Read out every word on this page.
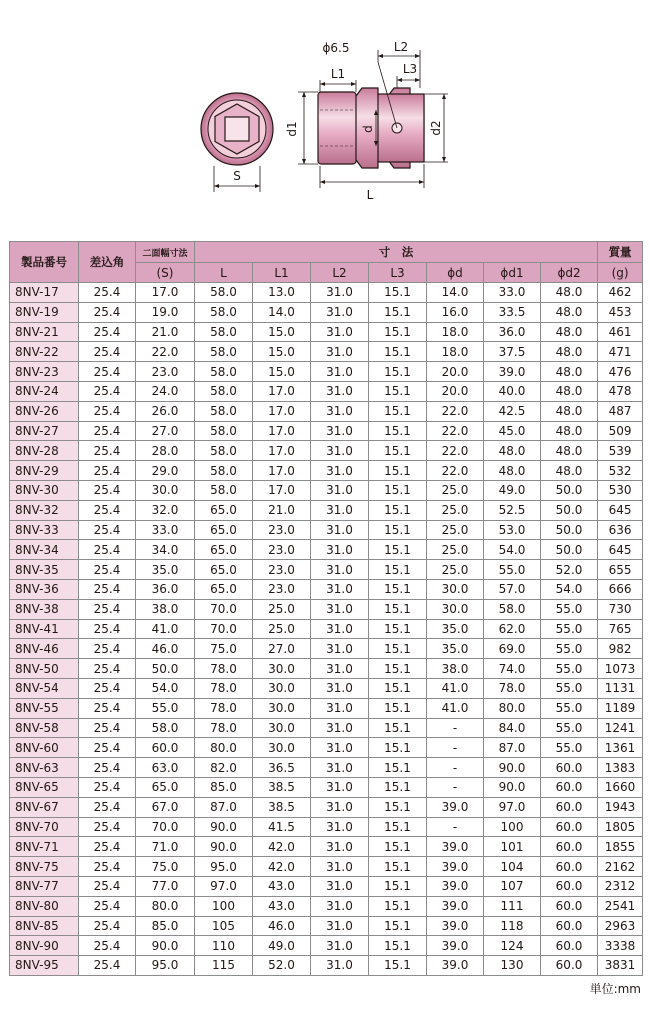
S
d
d1	d2
L
L1
L2
L3
ϕ6.5
製品番号	差込角	二面幅寸法	寸　法							質量
		(S)	L	L1	L2	L3	ϕd	ϕd1	ϕd2	(g)
8NV-17	25.4	17.0	58.0	13.0	31.0	15.1	14.0	33.0	48.0	462
8NV-19	25.4	19.0	58.0	14.0	31.0	15.1	16.0	33.5	48.0	453
8NV-21	25.4	21.0	58.0	15.0	31.0	15.1	18.0	36.0	48.0	461
8NV-22	25.4	22.0	58.0	15.0	31.0	15.1	18.0	37.5	48.0	471
8NV-23	25.4	23.0	58.0	15.0	31.0	15.1	20.0	39.0	48.0	476
8NV-24	25.4	24.0	58.0	17.0	31.0	15.1	20.0	40.0	48.0	478
8NV-26	25.4	26.0	58.0	17.0	31.0	15.1	22.0	42.5	48.0	487
8NV-27	25.4	27.0	58.0	17.0	31.0	15.1	22.0	45.0	48.0	509
8NV-28	25.4	28.0	58.0	17.0	31.0	15.1	22.0	48.0	48.0	539
8NV-29	25.4	29.0	58.0	17.0	31.0	15.1	22.0	48.0	48.0	532
8NV-30	25.4	30.0	58.0	17.0	31.0	15.1	25.0	49.0	50.0	530
8NV-32	25.4	32.0	65.0	21.0	31.0	15.1	25.0	52.5	50.0	645
8NV-33	25.4	33.0	65.0	23.0	31.0	15.1	25.0	53.0	50.0	636
8NV-34	25.4	34.0	65.0	23.0	31.0	15.1	25.0	54.0	50.0	645
8NV-35	25.4	35.0	65.0	23.0	31.0	15.1	25.0	55.0	52.0	655
8NV-36	25.4	36.0	65.0	23.0	31.0	15.1	30.0	57.0	54.0	666
8NV-38	25.4	38.0	70.0	25.0	31.0	15.1	30.0	58.0	55.0	730
8NV-41	25.4	41.0	70.0	25.0	31.0	15.1	35.0	62.0	55.0	765
8NV-46	25.4	46.0	75.0	27.0	31.0	15.1	35.0	69.0	55.0	982
8NV-50	25.4	50.0	78.0	30.0	31.0	15.1	38.0	74.0	55.0	1073
8NV-54	25.4	54.0	78.0	30.0	31.0	15.1	41.0	78.0	55.0	1131
8NV-55	25.4	55.0	78.0	30.0	31.0	15.1	41.0	80.0	55.0	1189
8NV-58	25.4	58.0	78.0	30.0	31.0	15.1	-	84.0	55.0	1241
8NV-60	25.4	60.0	80.0	30.0	31.0	15.1	-	87.0	55.0	1361
8NV-63	25.4	63.0	82.0	36.5	31.0	15.1	-	90.0	60.0	1383
8NV-65	25.4	65.0	85.0	38.5	31.0	15.1	-	90.0	60.0	1660
8NV-67	25.4	67.0	87.0	38.5	31.0	15.1	39.0	97.0	60.0	1943
8NV-70	25.4	70.0	90.0	41.5	31.0	15.1	-	100	60.0	1805
8NV-71	25.4	71.0	90.0	42.0	31.0	15.1	39.0	101	60.0	1855
8NV-75	25.4	75.0	95.0	42.0	31.0	15.1	39.0	104	60.0	2162
8NV-77	25.4	77.0	97.0	43.0	31.0	15.1	39.0	107	60.0	2312
8NV-80	25.4	80.0	100	43.0	31.0	15.1	39.0	111	60.0	2541
8NV-85	25.4	85.0	105	46.0	31.0	15.1	39.0	118	60.0	2963
8NV-90	25.4	90.0	110	49.0	31.0	15.1	39.0	124	60.0	3338
8NV-95	25.4	95.0	115	52.0	31.0	15.1	39.0	130	60.0	3831
単位:mm
